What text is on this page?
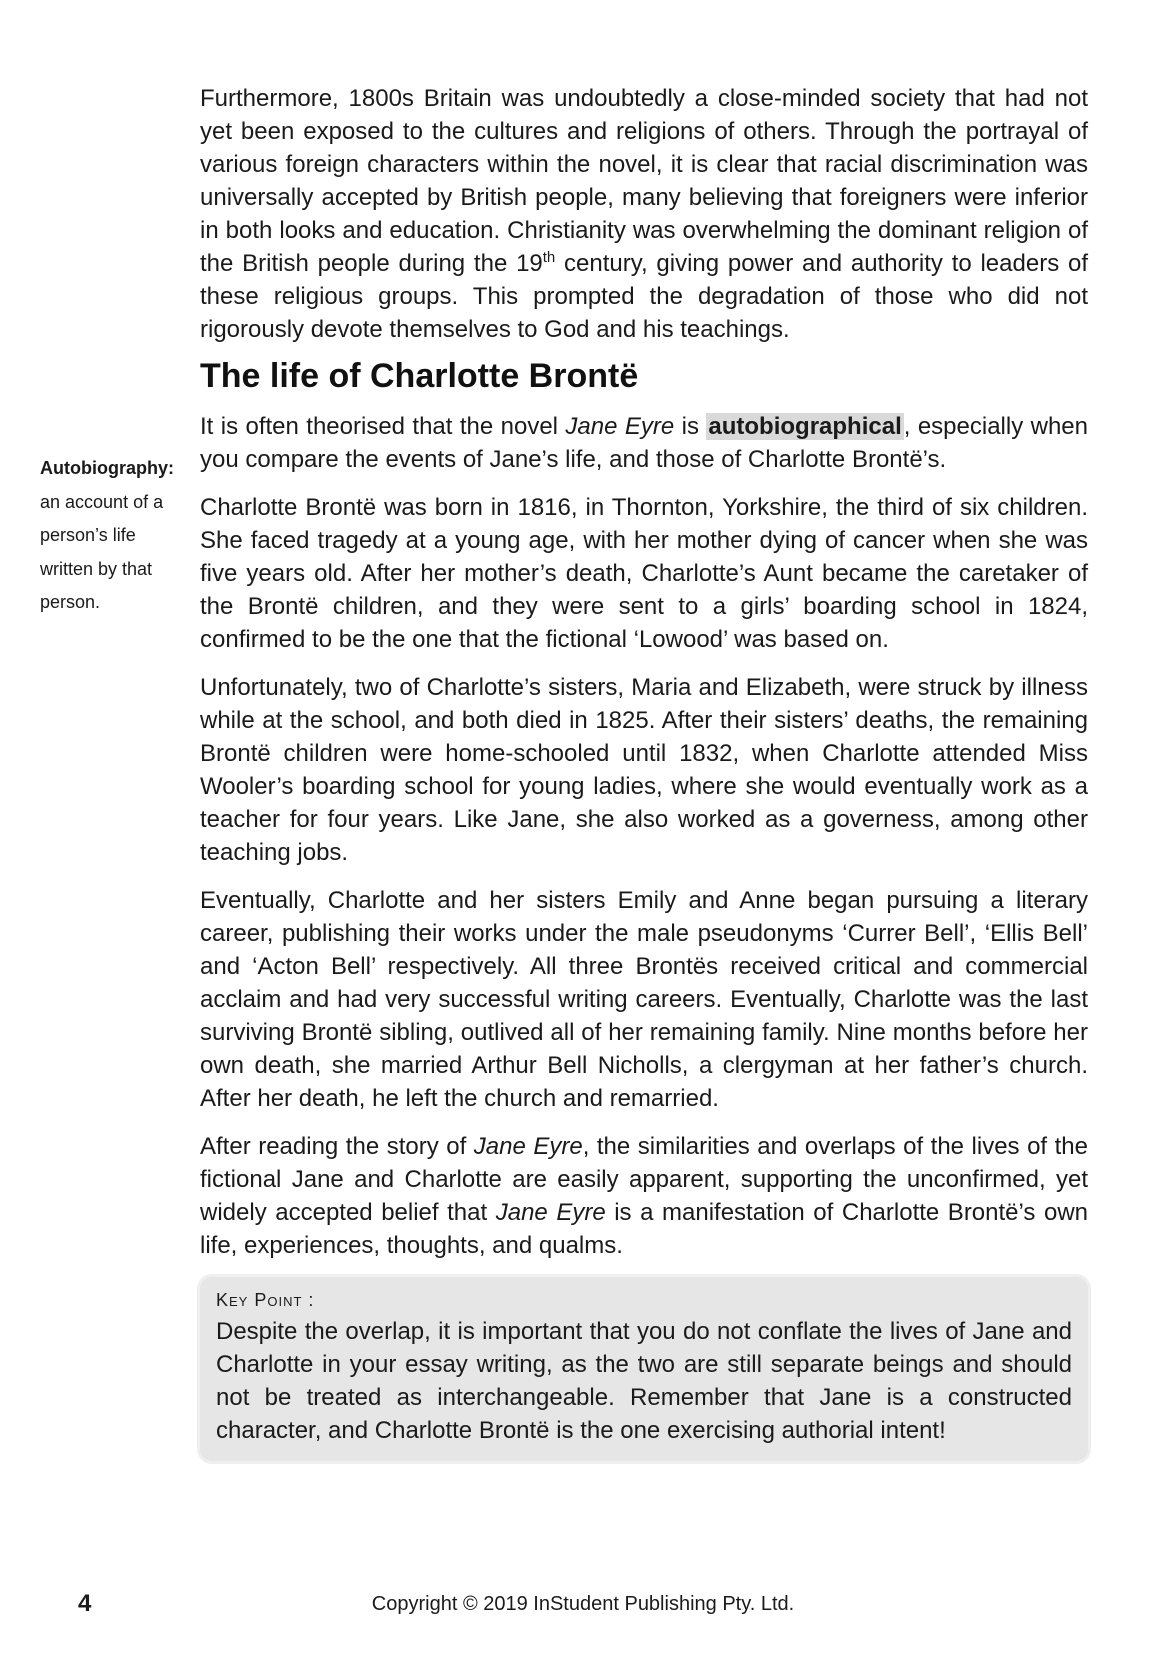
Furthermore, 1800s Britain was undoubtedly a close-minded society that had not yet been exposed to the cultures and religions of others. Through the portrayal of various foreign characters within the novel, it is clear that racial discrimination was universally accepted by British people, many believing that foreigners were inferior in both looks and education. Christianity was overwhelming the dominant religion of the British people during the 19th century, giving power and authority to leaders of these religious groups. This prompted the degradation of those who did not rigorously devote themselves to God and his teachings.

The life of Charlotte Brontë

It is often theorised that the novel Jane Eyre is autobiographical, especially when you compare the events of Jane’s life, and those of Charlotte Brontë’s.

Charlotte Brontë was born in 1816, in Thornton, Yorkshire, the third of six children. She faced tragedy at a young age, with her mother dying of cancer when she was five years old. After her mother’s death, Charlotte’s Aunt became the caretaker of the Brontë children, and they were sent to a girls’ boarding school in 1824, confirmed to be the one that the fictional ‘Lowood’ was based on.

Unfortunately, two of Charlotte’s sisters, Maria and Elizabeth, were struck by illness while at the school, and both died in 1825. After their sisters’ deaths, the remaining Brontë children were home-schooled until 1832, when Charlotte attended Miss Wooler’s boarding school for young ladies, where she would eventually work as a teacher for four years. Like Jane, she also worked as a governess, among other teaching jobs.

Eventually, Charlotte and her sisters Emily and Anne began pursuing a literary career, publishing their works under the male pseudonyms ‘Currer Bell’, ‘Ellis Bell’ and ‘Acton Bell’ respectively. All three Brontës received critical and commercial acclaim and had very successful writing careers. Eventually, Charlotte was the last surviving Brontë sibling, outlived all of her remaining family. Nine months before her own death, she married Arthur Bell Nicholls, a clergyman at her father’s church. After her death, he left the church and remarried.

After reading the story of Jane Eyre, the similarities and overlaps of the lives of the fictional Jane and Charlotte are easily apparent, supporting the unconfirmed, yet widely accepted belief that Jane Eyre is a manifestation of Charlotte Brontë’s own life, experiences, thoughts, and qualms.

Key Point :
Despite the overlap, it is important that you do not conflate the lives of Jane and Charlotte in your essay writing, as the two are still separate beings and should not be treated as interchangeable. Remember that Jane is a constructed character, and Charlotte Brontë is the one exercising authorial intent!
Autobiography:
an account of a person’s life written by that person.
4	Copyright © 2019 InStudent Publishing Pty. Ltd.
